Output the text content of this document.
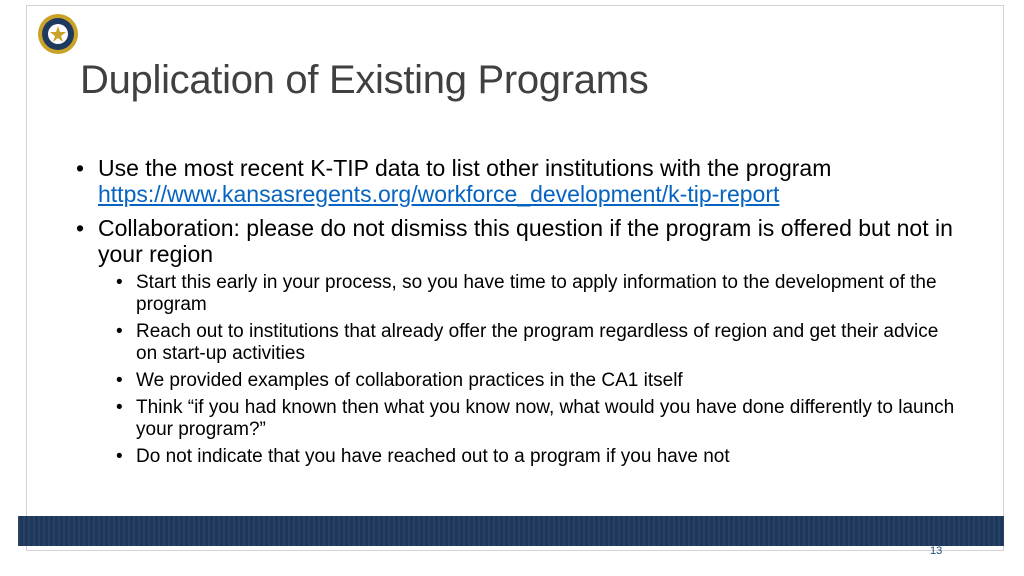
Duplication of Existing Programs
• Use the most recent K-TIP data to list other institutions with the program
https://www.kansasregents.org/workforce_development/k-tip-report
• Collaboration: please do not dismiss this question if the program is offered but not in your region
• Start this early in your process, so you have time to apply information to the development of the program
• Reach out to institutions that already offer the program regardless of region and get their advice on start-up activities
• We provided examples of collaboration practices in the CA1 itself
• Think “if you had known then what you know now, what would you have done differently to launch your program?”
• Do not indicate that you have reached out to a program if you have not
13
